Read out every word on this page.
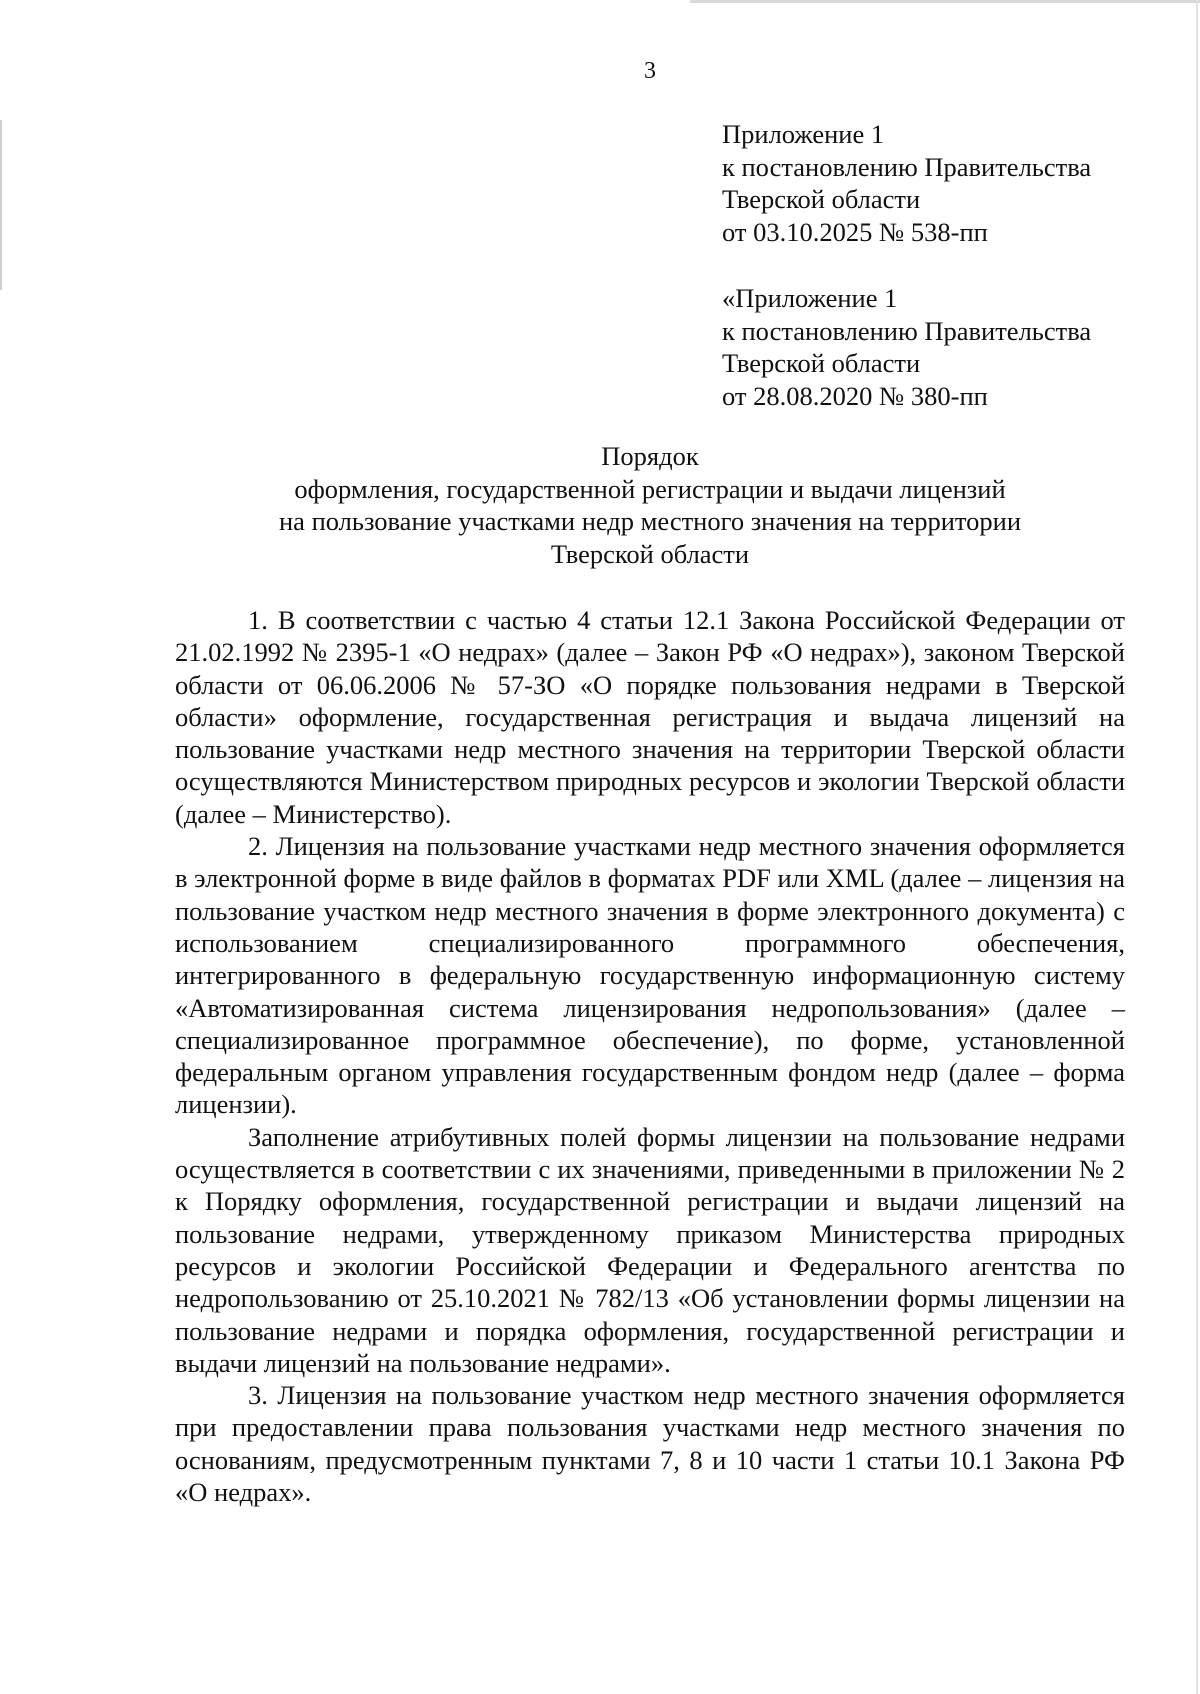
3
Приложение 1
к постановлению Правительства
Тверской области
от 03.10.2025 № 538-пп
«Приложение 1
к постановлению Правительства
Тверской области
от 28.08.2020 № 380-пп
Порядок
оформления, государственной регистрации и выдачи лицензий
на пользование участками недр местного значения на территории
Тверской области

1. В соответствии с частью 4 статьи 12.1 Закона Российской Федерации от 21.02.1992 № 2395-1 «О недрах» (далее – Закон РФ «О недрах»), законом Тверской области от 06.06.2006 № 57-ЗО «О порядке пользования недрами в Тверской области» оформление, государственная регистрация и выдача лицензий на пользование участками недр местного значения на территории Тверской области осуществляются Министерством природных ресурсов и экологии Тверской области (далее – Министерство).

2. Лицензия на пользование участками недр местного значения оформляется в электронной форме в виде файлов в форматах PDF или XML (далее – лицензия на пользование участком недр местного значения в форме электронного документа) с использованием специализированного программного обеспечения, интегрированного в федеральную государственную информационную систему «Автоматизированная система лицензирования недропользования» (далее – специализированное программное обеспечение), по форме, установленной федеральным органом управления государственным фондом недр (далее – форма лицензии).

Заполнение атрибутивных полей формы лицензии на пользование недрами осуществляется в соответствии с их значениями, приведенными в приложении № 2 к Порядку оформления, государственной регистрации и выдачи лицензий на пользование недрами, утвержденному приказом Министерства природных ресурсов и экологии Российской Федерации и Федерального агентства по недропользованию от 25.10.2021 № 782/13 «Об установлении формы лицензии на пользование недрами и порядка оформления, государственной регистрации и выдачи лицензий на пользование недрами».

3. Лицензия на пользование участком недр местного значения оформляется при предоставлении права пользования участками недр местного значения по основаниям, предусмотренным пунктами 7, 8 и 10 части 1 статьи 10.1 Закона РФ «О недрах».
